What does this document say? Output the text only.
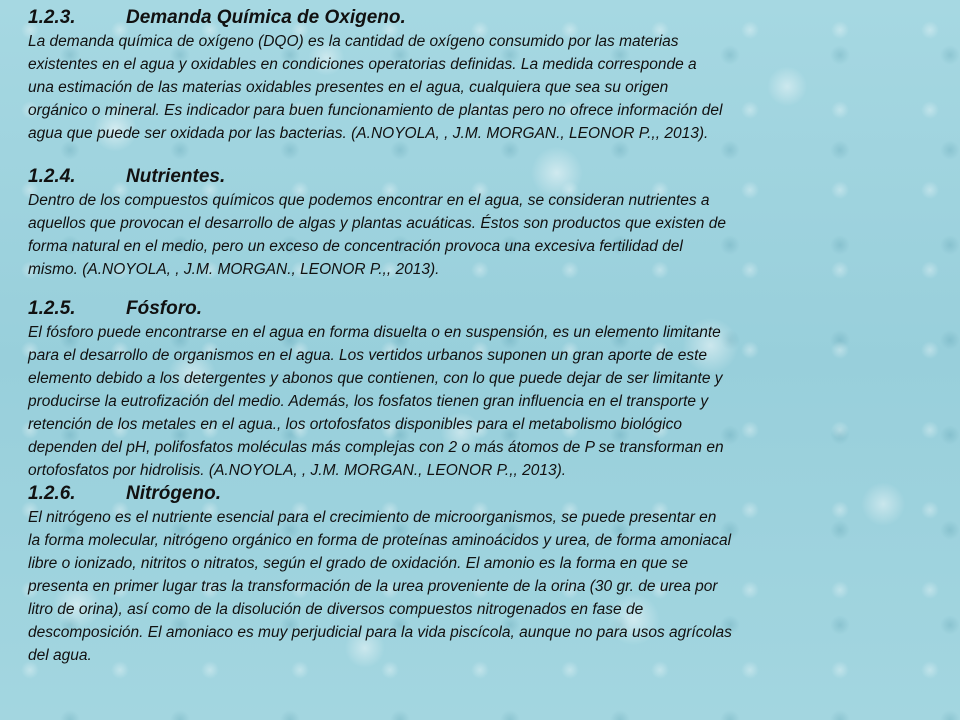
1.2.3.	Demanda Química de Oxigeno.

La demanda química de oxígeno (DQO) es la cantidad de oxígeno consumido por las materias
existentes en el agua y oxidables en condiciones operatorias definidas. La medida corresponde a
una estimación de las materias oxidables presentes en el agua, cualquiera que sea su origen
orgánico o mineral. Es indicador para buen funcionamiento de plantas pero no ofrece información del
agua que puede ser oxidada por las bacterias. (A.NOYOLA, , J.M. MORGAN., LEONOR P.,, 2013).

1.2.4.	Nutrientes.

Dentro de los compuestos químicos que podemos encontrar en el agua, se consideran nutrientes a
aquellos que provocan el desarrollo de algas y plantas acuáticas. Éstos son productos que existen de
forma natural en el medio, pero un exceso de concentración provoca una excesiva fertilidad del
mismo. (A.NOYOLA, , J.M. MORGAN., LEONOR P.,, 2013).

1.2.5.	Fósforo.

El fósforo puede encontrarse en el agua en forma disuelta o en suspensión, es un elemento limitante
para el desarrollo de organismos en el agua. Los vertidos urbanos suponen un gran aporte de este
elemento debido a los detergentes y abonos que contienen, con lo que puede dejar de ser limitante y
producirse la eutrofización del medio. Además, los fosfatos tienen gran influencia en el transporte y
retención de los metales en el agua., los ortofosfatos disponibles para el metabolismo biológico
dependen del pH, polifosfatos moléculas más complejas con 2 o más átomos de P se transforman en
ortofosfatos por hidrolisis. (A.NOYOLA, , J.M. MORGAN., LEONOR P.,, 2013).

1.2.6.	Nitrógeno.

El nitrógeno es el nutriente esencial para el crecimiento de microorganismos, se puede presentar en
la forma molecular, nitrógeno orgánico en forma de proteínas aminoácidos y urea, de forma amoniacal
libre o ionizado, nitritos o nitratos, según el grado de oxidación. El amonio es la forma en que se
presenta en primer lugar tras la transformación de la urea proveniente de la orina (30 gr. de urea por
litro de orina), así como de la disolución de diversos compuestos nitrogenados en fase de
descomposición. El amoniaco es muy perjudicial para la vida piscícola, aunque no para usos agrícolas
del agua.
